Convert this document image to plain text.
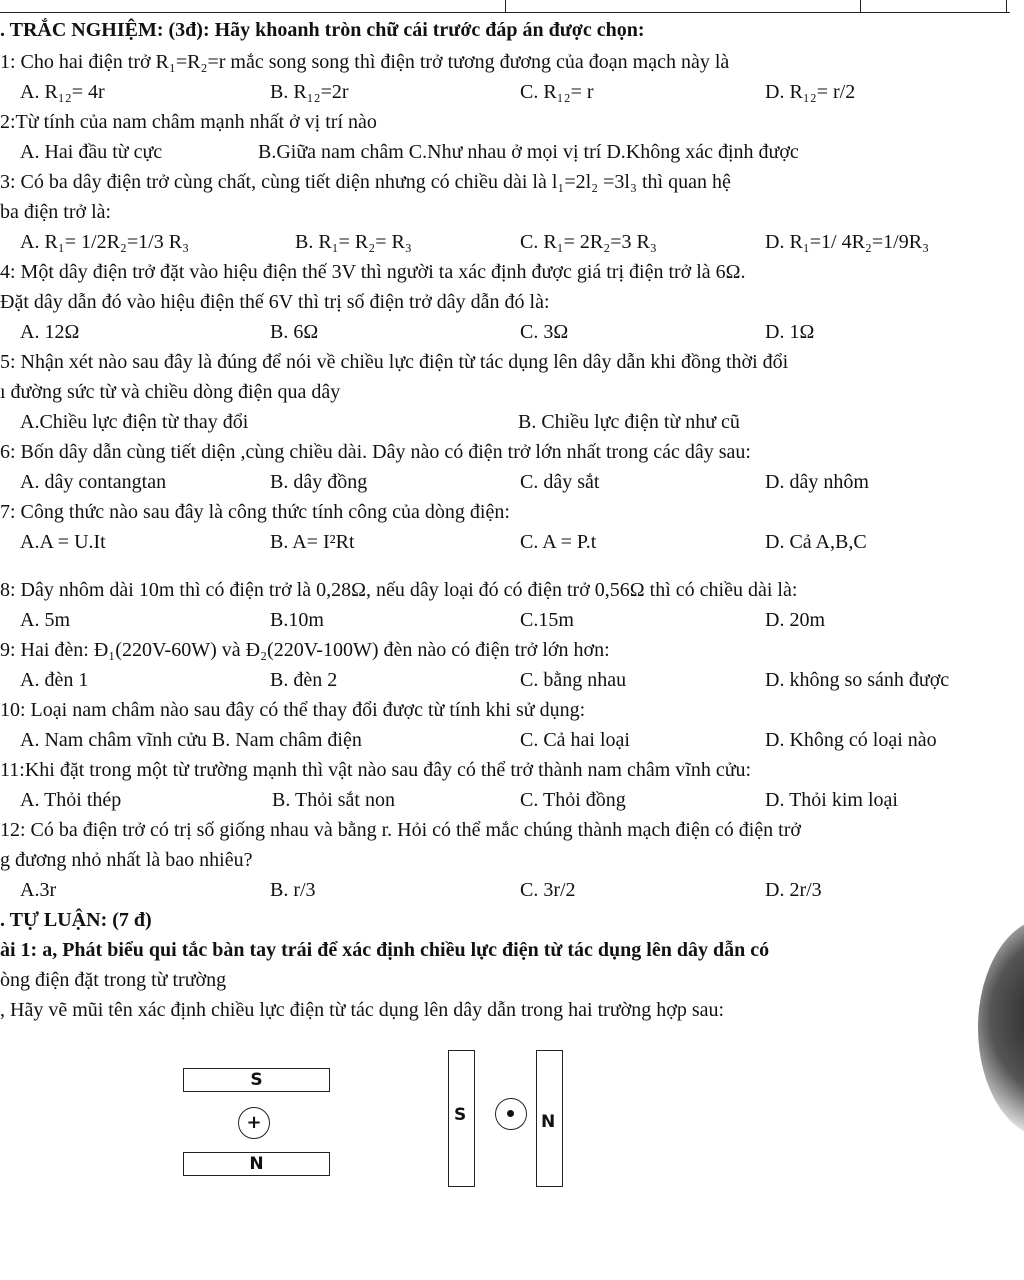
. TRẮC NGHIỆM: (3đ): Hãy khoanh tròn chữ cái trước đáp án được chọn:
1: Cho hai điện trở R₁=R₂=r mắc song song thì điện trở tương đương của đoạn mạch này là
A. R₁₂= 4r	B. R₁₂=2r	C. R₁₂= r	D. R₁₂= r/2
2:Từ tính của nam châm mạnh nhất ở vị trí nào
A. Hai đầu từ cực	B.Giữa nam châm C.Như nhau ở mọi vị trí D.Không xác định được
3: Có ba dây điện trở cùng chất, cùng tiết diện nhưng có chiều dài là l₁=2l₂ =3l₃ thì quan hệ
ba điện trở là:
A. R₁= 1/2R₂=1/3 R₃	B. R₁= R₂= R₃	C. R₁= 2R₂=3 R₃	D. R₁=1/ 4R₂=1/9R₃
4: Một dây điện trở đặt vào hiệu điện thế 3V thì người ta xác định được giá trị điện trở là 6Ω.
Đặt dây dẫn đó vào hiệu điện thế 6V thì trị số điện trở dây dẫn đó là:
A. 12Ω	B. 6Ω	C. 3Ω	D. 1Ω
5: Nhận xét nào sau đây là đúng để nói về chiều lực điện từ tác dụng lên dây dẫn khi đồng thời đổi
ı đường sức từ và chiều dòng điện qua dây
A.Chiều lực điện từ thay đổi	B. Chiều lực điện từ như cũ
6: Bốn dây dẫn cùng tiết diện ,cùng chiều dài. Dây nào có điện trở lớn nhất trong các dây sau:
A. dây contangtan	B. dây đồng	C. dây sắt	D. dây nhôm
7: Công thức nào sau đây là công thức tính công của dòng điện:
A.A = U.It	B. A= I²Rt	C. A = P.t	D. Cả A,B,C
8: Dây nhôm dài 10m thì có điện trở là 0,28Ω, nếu dây loại đó có điện trở 0,56Ω thì có chiều dài là:
A. 5m	B.10m	C.15m	D. 20m
9: Hai đèn: Đ₁(220V-60W) và Đ₂(220V-100W) đèn nào có điện trở lớn hơn:
A. đèn 1	B. đèn 2	C. bằng nhau	D. không so sánh được
10: Loại nam châm nào sau đây có thể thay đổi được từ tính khi sử dụng:
A. Nam châm vĩnh cửu B. Nam châm điện	C. Cả hai loại	D. Không có loại nào
11:Khi đặt trong một từ trường mạnh thì vật nào sau đây có thể trở thành nam châm vĩnh cửu:
A. Thỏi thép	B. Thỏi sắt non	C. Thỏi đồng	D. Thỏi kim loại
12: Có ba điện trở có trị số giống nhau và bằng r. Hỏi có thể mắc chúng thành mạch điện có điện trở
g đương nhỏ nhất là bao nhiêu?
A.3r	B. r/3	C. 3r/2	D. 2r/3
. TỰ LUẬN: (7 đ)
ài 1: a, Phát biểu qui tắc bàn tay trái để xác định chiều lực điện từ tác dụng lên dây dẫn có
òng điện đặt trong từ trường
, Hãy vẽ mũi tên xác định chiều lực điện từ tác dụng lên dây dẫn trong hai trường hợp sau:
S
+
N
S	N
